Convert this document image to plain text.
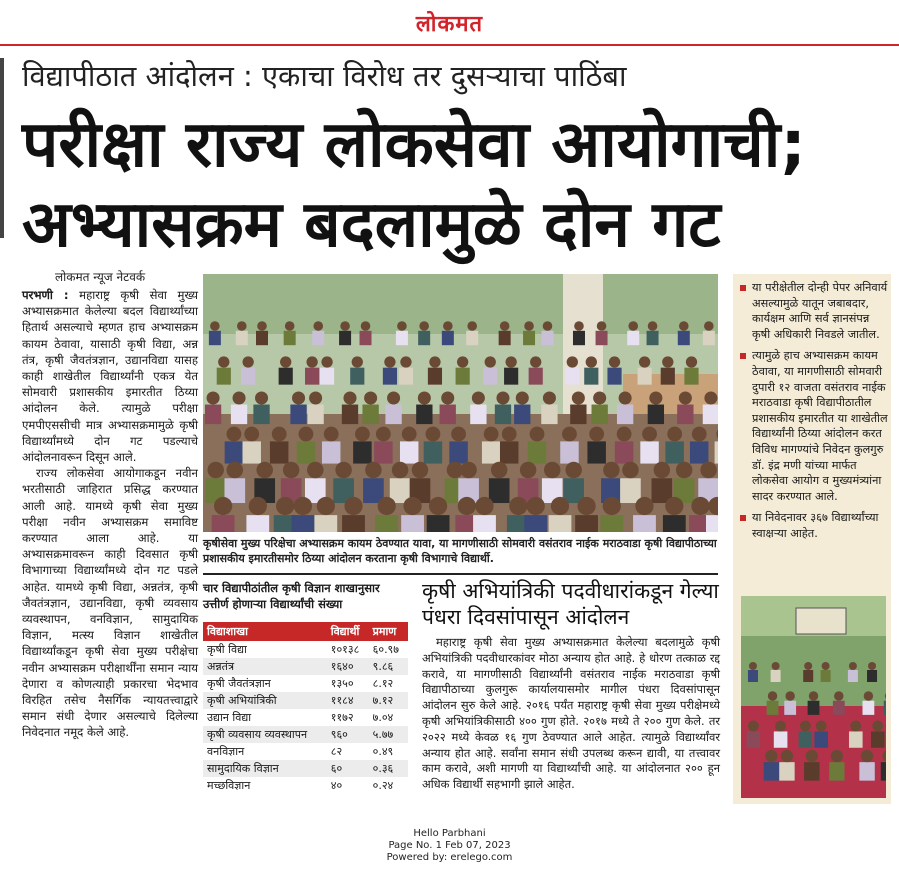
लोकमत
विद्यापीठात आंदोलन : एकाचा विरोध तर दुसऱ्याचा पाठिंबा
परीक्षा राज्य लोकसेवा आयोगाची;
अभ्यासक्रम बदलामुळे दोन गट
लोकमत न्यूज नेटवर्क

परभणी : महाराष्ट्र कृषी सेवा मुख्य अभ्यासक्रमात केलेल्या बदल विद्यार्थ्यांच्या हितार्थ असल्याचे म्हणत हाच अभ्यासक्रम कायम ठेवावा, यासाठी कृषी विद्या, अन्न तंत्र, कृषी जैवतंत्रज्ञान, उद्यानविद्या यासह काही शाखेतील विद्यार्थ्यांनी एकत्र येत सोमवारी प्रशासकीय इमारतीत ठिय्या आंदोलन केले. त्यामुळे परीक्षा एमपीएससीची मात्र अभ्यासक्रमामुळे कृषी विद्यार्थ्यांमध्ये दोन गट पडल्याचे आंदोलनावरून दिसून आले.

राज्य लोकसेवा आयोगाकडून नवीन भरतीसाठी जाहिरात प्रसिद्ध करण्यात आली आहे. यामध्ये कृषी सेवा मुख्य परीक्षा नवीन अभ्यासक्रम समाविष्ट करण्यात आला आहे. या अभ्यासक्रमावरून काही दिवसात कृषी विभागाच्या विद्यार्थ्यांमध्ये दोन गट पडले आहेत. यामध्ये कृषी विद्या, अन्नतंत्र, कृषी जैवतंत्रज्ञान, उद्यानविद्या, कृषी व्यवसाय व्यवस्थापन, वनविज्ञान, सामुदायिक विज्ञान, मत्स्य विज्ञान शाखेतील विद्यार्थ्यांकडून कृषी सेवा मुख्य परीक्षेचा नवीन अभ्यासक्रम परीक्षार्थींना समान न्याय देणारा व कोणत्याही प्रकारचा भेदभाव विरहित तसेच नैसर्गिक न्यायतत्त्वाद्वारे समान संधी देणार असल्याचे दिलेल्या निवेदनात नमूद केले आहे.

कृषीसेवा मुख्य परिक्षेचा अभ्यासक्रम कायम ठेवण्यात यावा, या मागणीसाठी सोमवारी वसंतराव नाईक मराठवाडा कृषी विद्यापीठाच्या प्रशासकीय इमारतीसमोर ठिय्या आंदोलन करताना कृषी विभागाचे विद्यार्थी.
चार विद्यापीठांतील कृषी विज्ञान शाखानुसार उत्तीर्ण होणाऱ्या विद्यार्थ्यांची संख्या
विद्याशाखा	विद्यार्थी	प्रमाण
कृषी विद्या	१०१३८	६०.९७
अन्नतंत्र	१६४०	९.८६
कृषी जैवतंत्रज्ञान	१३५०	८.१२
कृषी अभियांत्रिकी	११८४	७.१२
उद्यान विद्या	११७२	७.०४
कृषी व्यवसाय व्यवस्थापन	९६०	५.७७
वनविज्ञान	८२	०.४९
सामुदायिक विज्ञान	६०	०.३६
मच्छविज्ञान	४०	०.२४
कृषी अभियांत्रिकी पदवीधारांकडून गेल्या पंधरा दिवसांपासून आंदोलन

महाराष्ट्र कृषी सेवा मुख्य अभ्यासक्रमात केलेल्या बदलामुळे कृषी अभियांत्रिकी पदवीधारकांवर मोठा अन्याय होत आहे. हे धोरण तत्काळ रद्द करावे, या मागणीसाठी विद्यार्थ्यांनी वसंतराव नाईक मराठवाडा कृषी विद्यापीठाच्या कुलगुरू कार्यालयासमोर मागील पंधरा दिवसांपासून आंदोलन सुरु केले आहे. २०१६ पर्यंत महाराष्ट्र कृषी सेवा मुख्य परीक्षेमध्ये कृषी अभियांत्रिकीसाठी ४०० गुण होते. २०१७ मध्ये ते २०० गुण केले. तर २०२२ मध्ये केवळ १६ गुण ठेवण्यात आले आहेत. त्यामुळे विद्यार्थ्यांवर अन्याय होत आहे. सर्वांना समान संधी उपलब्ध करून द्यावी, या तत्त्वावर काम करावे, अशी मागणी या विद्यार्थ्यांची आहे. या आंदोलनात २०० हून अधिक विद्यार्थी सहभागी झाले आहेत.

या परीक्षेतील दोन्ही पेपर अनिवार्य असल्यामुळे यातून जबाबदार, कार्यक्षम आणि सर्व ज्ञानसंपन्न कृषी अधिकारी निवडले जातील.
त्यामुळे हाच अभ्यासक्रम कायम ठेवावा, या मागणीसाठी सोमवारी दुपारी १२ वाजता वसंतराव नाईक मराठवाडा कृषी विद्यापीठातील प्रशासकीय इमारतीत या शाखेतील विद्यार्थ्यांनी ठिय्या आंदोलन करत विविध मागण्यांचे निवेदन कुलगुरु डॉ. इंद्र मणी यांच्या मार्फत लोकसेवा आयोग व मुख्यमंत्र्यांना सादर करण्यात आले.
या निवेदनावर ३६७ विद्यार्थ्यांच्या स्वाक्षऱ्या आहेत.
Hello Parbhani
Page No. 1 Feb 07, 2023
Powered by: erelego.com
